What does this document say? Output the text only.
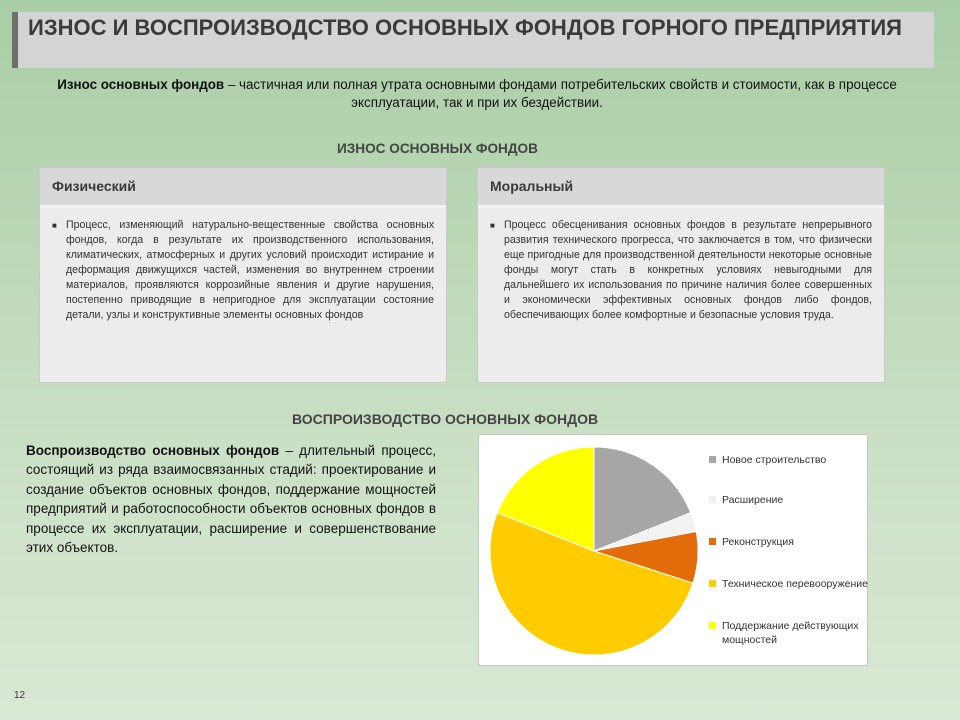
ИЗНОС И ВОСПРОИЗВОДСТВО ОСНОВНЫХ ФОНДОВ ГОРНОГО ПРЕДПРИЯТИЯ
Износ основных фондов – частичная или полная утрата основными фондами потребительских свойств и стоимости, как в процессе эксплуатации, так и при их бездействии.
ИЗНОС ОСНОВНЫХ ФОНДОВ
Физический
■ Процесс, изменяющий натурально-вещественные свойства основных фондов, когда в результате их производственного использования, климатических, атмосферных и других условий происходит истирание и деформация движущихся частей, изменения во внутреннем строении материалов, проявляются коррозийные явления и другие нарушения, постепенно приводящие в непригодное для эксплуатации состояние детали, узлы и конструктивные элементы основных фондов
Моральный
■ Процесс обесценивания основных фондов в результате непрерывного развития технического прогресса, что заключается в том, что физически еще пригодные для производственной деятельности некоторые основные фонды могут стать в конкретных условиях невыгодными для дальнейшего их использования по причине наличия более совершенных и экономически эффективных основных фондов либо фондов, обеспечивающих более комфортные и безопасные условия труда.
ВОСПРОИЗВОДСТВО ОСНОВНЫХ ФОНДОВ
Воспроизводство основных фондов – длительный процесс, состоящий из ряда взаимосвязанных стадий: проектирование и создание объектов основных фондов, поддержание мощностей предприятий и работоспособности объектов основных фондов в процессе их эксплуатации, расширение и совершенствование этих объектов.
Новое строительство
Расширение
Реконструкция
Техническое перевооружение
Поддержание действующих мощностей
12
